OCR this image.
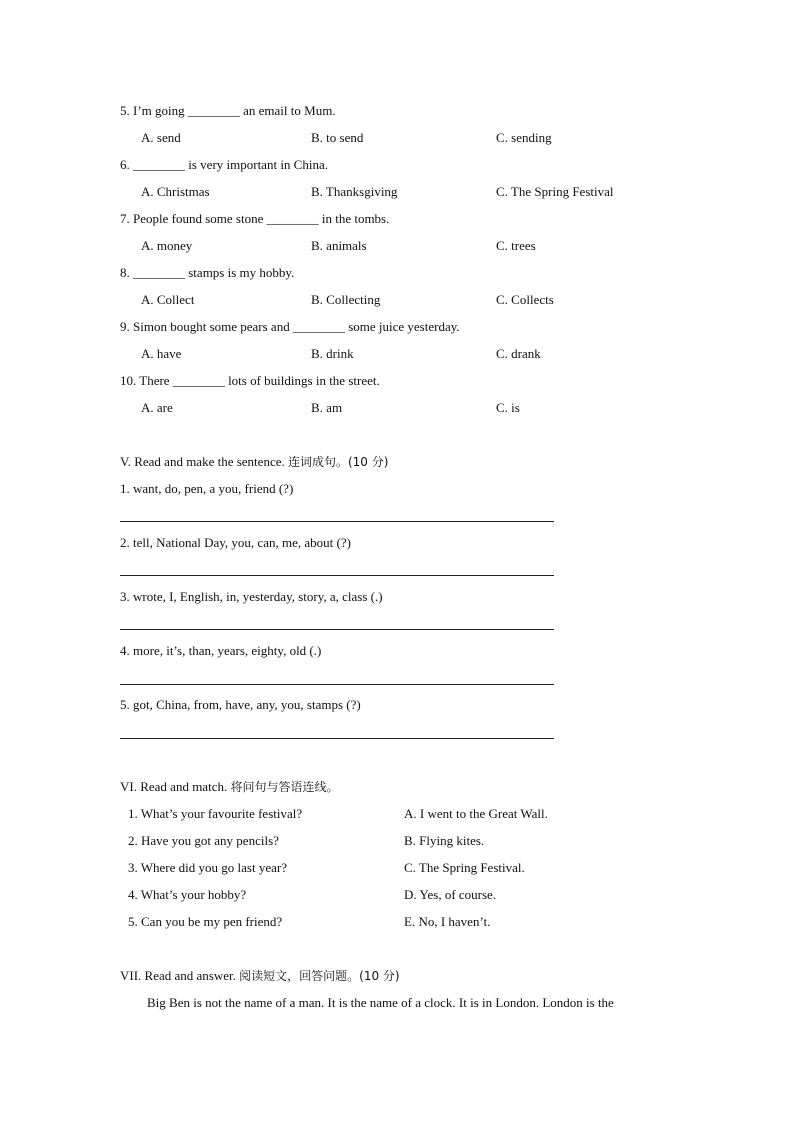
5. I’m going ________ an email to Mum.
A. send	B. to send	C. sending
6. ________ is very important in China.
A. Christmas	B. Thanksgiving	C. The Spring Festival
7. People found some stone ________ in the tombs.
A. money	B. animals	C. trees
8. ________ stamps is my hobby.
A. Collect	B. Collecting	C. Collects
9. Simon bought some pears and ________ some juice yesterday.
A. have	B. drink	C. drank
10. There ________ lots of buildings in the street.
A. are	B. am	C. is
V. Read and make the sentence. 连词成句。(10 分)
1. want, do, pen, a you, friend (?)
2. tell, National Day, you, can, me, about (?)
3. wrote, I, English, in, yesterday, story, a, class (.)
4. more, it’s, than, years, eighty, old (.)
5. got, China, from, have, any, you, stamps (?)
VI. Read and match. 将问句与答语连线。
1. What’s your favourite festival?	A. I went to the Great Wall.
2. Have you got any pencils?	B. Flying kites.
3. Where did you go last year?	C. The Spring Festival.
4. What’s your hobby?	D. Yes, of course.
5. Can you be my pen friend?	E. No, I haven’t.
VII. Read and answer. 阅读短文，回答问题。(10 分)
Big Ben is not the name of a man. It is the name of a clock. It is in London. London is the
